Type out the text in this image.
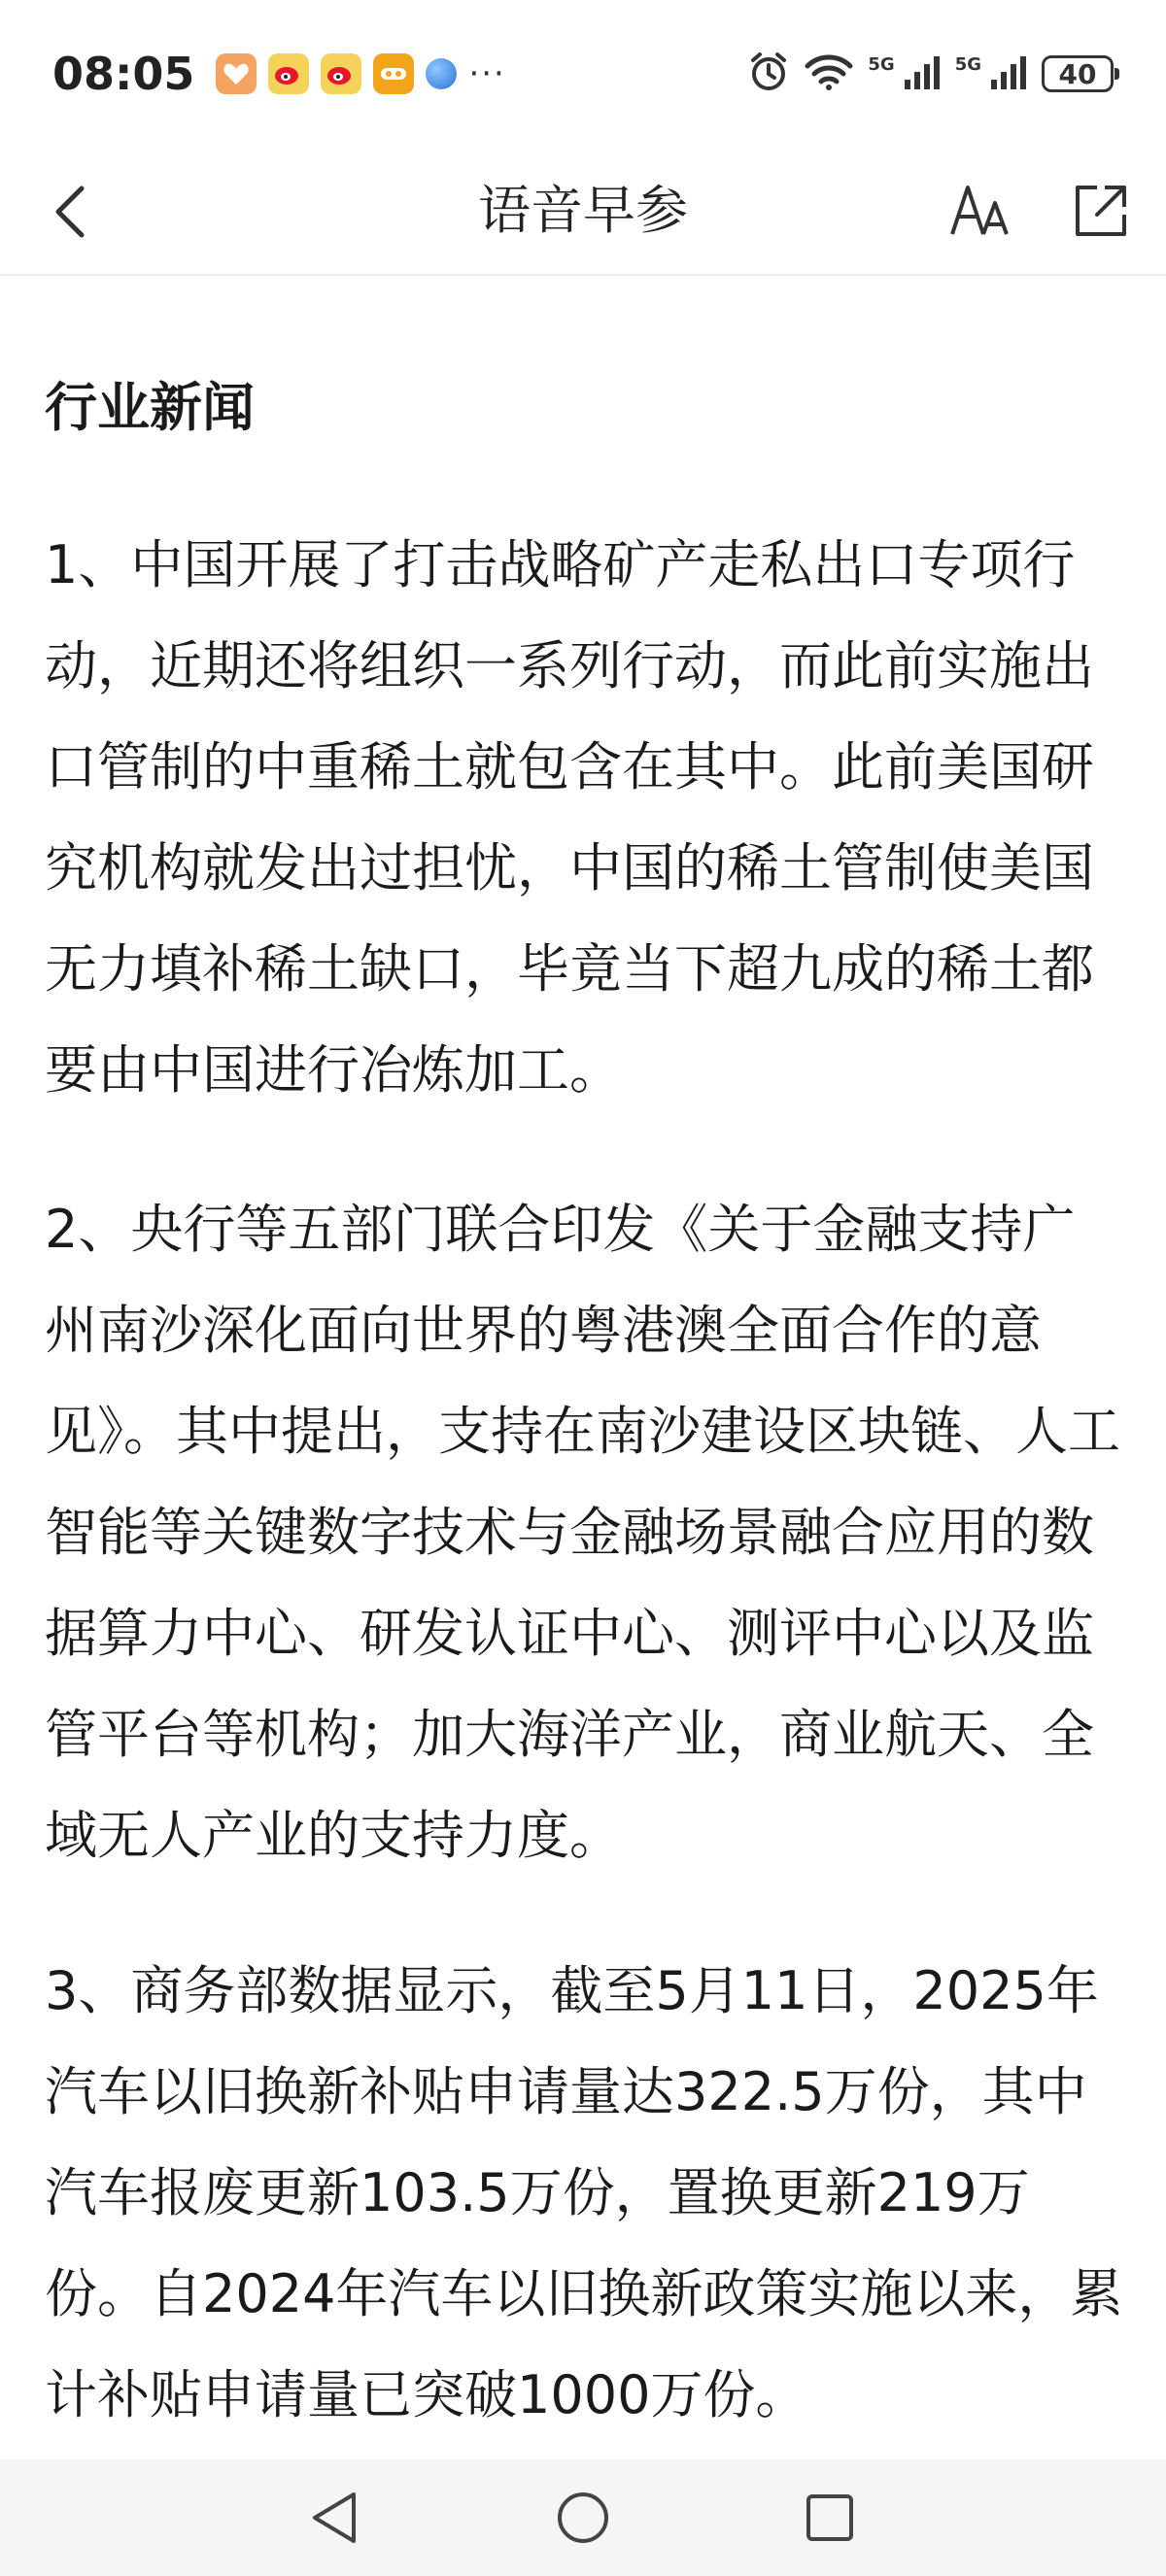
08:05	···	5G	5G	40
语音早参
行业新闻

1、中国开展了打击战略矿产走私出口专项行动，近期还将组织一系列行动，而此前实施出口管制的中重稀土就包含在其中。此前美国研究机构就发出过担忧，中国的稀土管制使美国无力填补稀土缺口，毕竟当下超九成的稀土都要由中国进行冶炼加工。

2、央行等五部门联合印发《关于金融支持广州南沙深化面向世界的粤港澳全面合作的意见》。其中提出，支持在南沙建设区块链、人工智能等关键数字技术与金融场景融合应用的数据算力中心、研发认证中心、测评中心以及监管平台等机构；加大海洋产业，商业航天、全域无人产业的支持力度。

3、商务部数据显示，截至5月11日，2025年汽车以旧换新补贴申请量达322.5万份，其中汽车报废更新103.5万份，置换更新219万份。自2024年汽车以旧换新政策实施以来，累计补贴申请量已突破1000万份。
